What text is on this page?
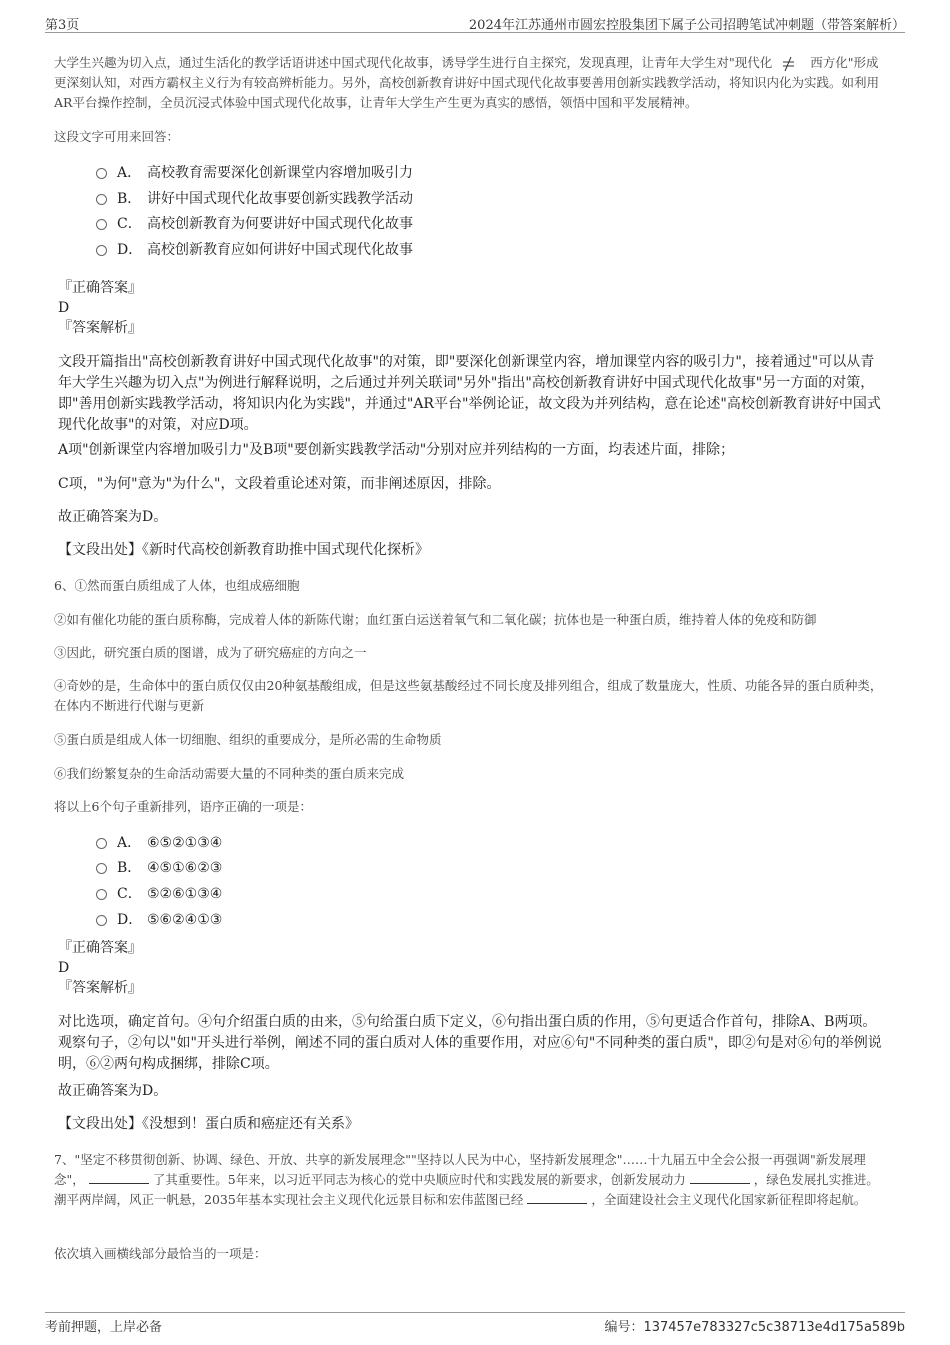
第3页	2024年江苏通州市圆宏控股集团下属子公司招聘笔试冲刺题（带答案解析）
大学生兴趣为切入点，通过生活化的教学话语讲述中国式现代化故事，诱导学生进行自主探究，发现真理，让青年大学生对"现代化	西方化"形成更深刻认知，对西方霸权主义行为有较高辨析能力。另外，高校创新教育讲好中国式现代化故事要善用创新实践教学活动，将知识内化为实践。如利用AR平台操作控制，全员沉浸式体验中国式现代化故事，让青年大学生产生更为真实的感悟，领悟中国和平发展精神。
这段文字可用来回答：
A． 高校教育需要深化创新课堂内容增加吸引力
B． 讲好中国式现代化故事要创新实践教学活动
C． 高校创新教育为何要讲好中国式现代化故事
D． 高校创新教育应如何讲好中国式现代化故事
『正确答案』
D
『答案解析』
文段开篇指出"高校创新教育讲好中国式现代化故事"的对策，即"要深化创新课堂内容，增加课堂内容的吸引力"，接着通过"可以从青年大学生兴趣为切入点"为例进行解释说明，之后通过并列关联词"另外"指出"高校创新教育讲好中国式现代化故事"另一方面的对策，即"善用创新实践教学活动，将知识内化为实践"，并通过"AR平台"举例论证，故文段为并列结构，意在论述"高校创新教育讲好中国式现代化故事"的对策，对应D项。
A项"创新课堂内容增加吸引力"及B项"要创新实践教学活动"分别对应并列结构的一方面，均表述片面，排除；
C项，"为何"意为"为什么"，文段着重论述对策，而非阐述原因，排除。
故正确答案为D。
【文段出处】《新时代高校创新教育助推中国式现代化探析》
6、①然而蛋白质组成了人体，也组成癌细胞
②如有催化功能的蛋白质称酶，完成着人体的新陈代谢；血红蛋白运送着氧气和二氧化碳；抗体也是一种蛋白质，维持着人体的免疫和防御
③因此，研究蛋白质的图谱，成为了研究癌症的方向之一
④奇妙的是，生命体中的蛋白质仅仅由20种氨基酸组成，但是这些氨基酸经过不同长度及排列组合，组成了数量庞大，性质、功能各异的蛋白质种类，在体内不断进行代谢与更新
⑤蛋白质是组成人体一切细胞、组织的重要成分，是所必需的生命物质
⑥我们纷繁复杂的生命活动需要大量的不同种类的蛋白质来完成
将以上6个句子重新排列，语序正确的一项是：
A． ⑥⑤②①③④
B． ④⑤①⑥②③
C． ⑤②⑥①③④
D． ⑤⑥②④①③
『正确答案』
D
『答案解析』
对比选项，确定首句。④句介绍蛋白质的由来，⑤句给蛋白质下定义，⑥句指出蛋白质的作用，⑤句更适合作首句，排除A、B两项。观察句子，②句以"如"开头进行举例，阐述不同的蛋白质对人体的重要作用，对应⑥句"不同种类的蛋白质"，即②句是对⑥句的举例说明，⑥②两句构成捆绑，排除C项。
故正确答案为D。
【文段出处】《没想到！蛋白质和癌症还有关系》
7、"坚定不移贯彻创新、协调、绿色、开放、共享的新发展理念""坚持以人民为中心，坚持新发展理念"……十九届五中全会公报一再强调"新发展理念"，	了其重要性。5年来，以习近平同志为核心的党中央顺应时代和实践发展的新要求，创新发展动力	，绿色发展扎实推进。潮平两岸阔，风正一帆悬，2035年基本实现社会主义现代化远景目标和宏伟蓝图已经	，全面建设社会主义现代化国家新征程即将起航。
依次填入画横线部分最恰当的一项是：
考前押题，上岸必备	编号：137457e783327c5c38713e4d175a589b
